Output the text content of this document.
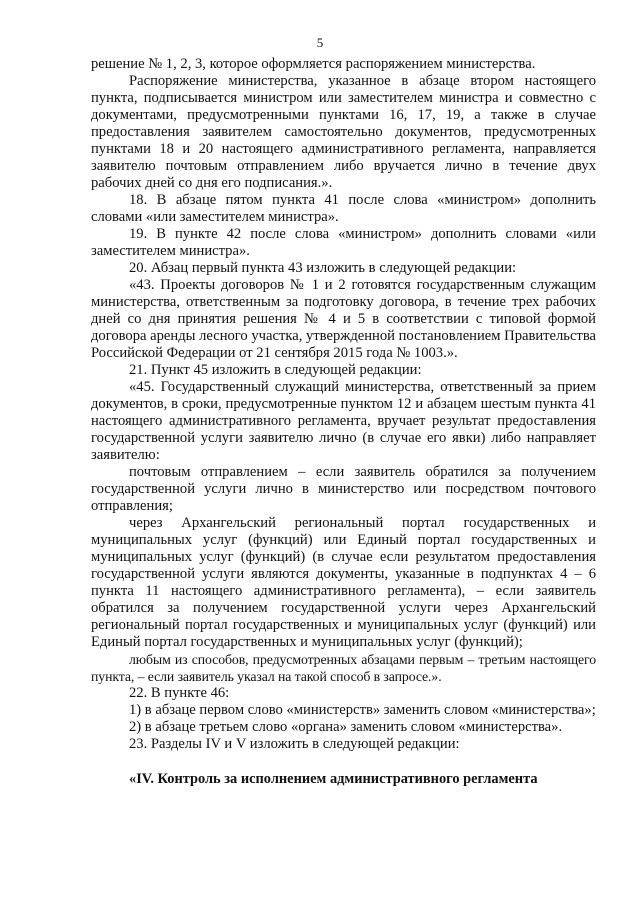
5

решение № 1, 2, 3, которое оформляется распоряжением министерства.

Распоряжение министерства, указанное в абзаце втором настоящего пункта, подписывается министром или заместителем министра и совместно с документами, предусмотренными пунктами 16, 17, 19, а также в случае предоставления заявителем самостоятельно документов, предусмотренных пунктами 18 и 20 настоящего административного регламента, направляется заявителю почтовым отправлением либо вручается лично в течение двух рабочих дней со дня его подписания.».

18. В абзаце пятом пункта 41 после слова «министром» дополнить словами «или заместителем министра».

19. В пункте 42 после слова «министром» дополнить словами «или заместителем министра».

20. Абзац первый пункта 43 изложить в следующей редакции:

«43. Проекты договоров № 1 и 2 готовятся государственным служащим министерства, ответственным за подготовку договора, в течение трех рабочих дней со дня принятия решения № 4 и 5 в соответствии с типовой формой договора аренды лесного участка, утвержденной постановлением Правительства Российской Федерации от 21 сентября 2015 года № 1003.».

21. Пункт 45 изложить в следующей редакции:

«45. Государственный служащий министерства, ответственный за прием документов, в сроки, предусмотренные пунктом 12 и абзацем шестым пункта 41 настоящего административного регламента, вручает результат предоставления государственной услуги заявителю лично (в случае его явки) либо направляет заявителю:

почтовым отправлением – если заявитель обратился за получением государственной услуги лично в министерство или посредством почтового отправления;

через Архангельский региональный портал государственных и муниципальных услуг (функций) или Единый портал государственных и муниципальных услуг (функций) (в случае если результатом предоставления государственной услуги являются документы, указанные в подпунктах 4 – 6 пункта 11 настоящего административного регламента), – если заявитель обратился за получением государственной услуги через Архангельский региональный портал государственных и муниципальных услуг (функций) или Единый портал государственных и муниципальных услуг (функций);

любым из способов, предусмотренных абзацами первым – третьим настоящего пункта, – если заявитель указал на такой способ в запросе.».

22. В пункте 46:

1) в абзаце первом слово «министерств» заменить словом «министерства»;

2) в абзаце третьем слово «органа» заменить словом «министерства».

23. Разделы IV и V изложить в следующей редакции:

«IV. Контроль за исполнением административного регламента
